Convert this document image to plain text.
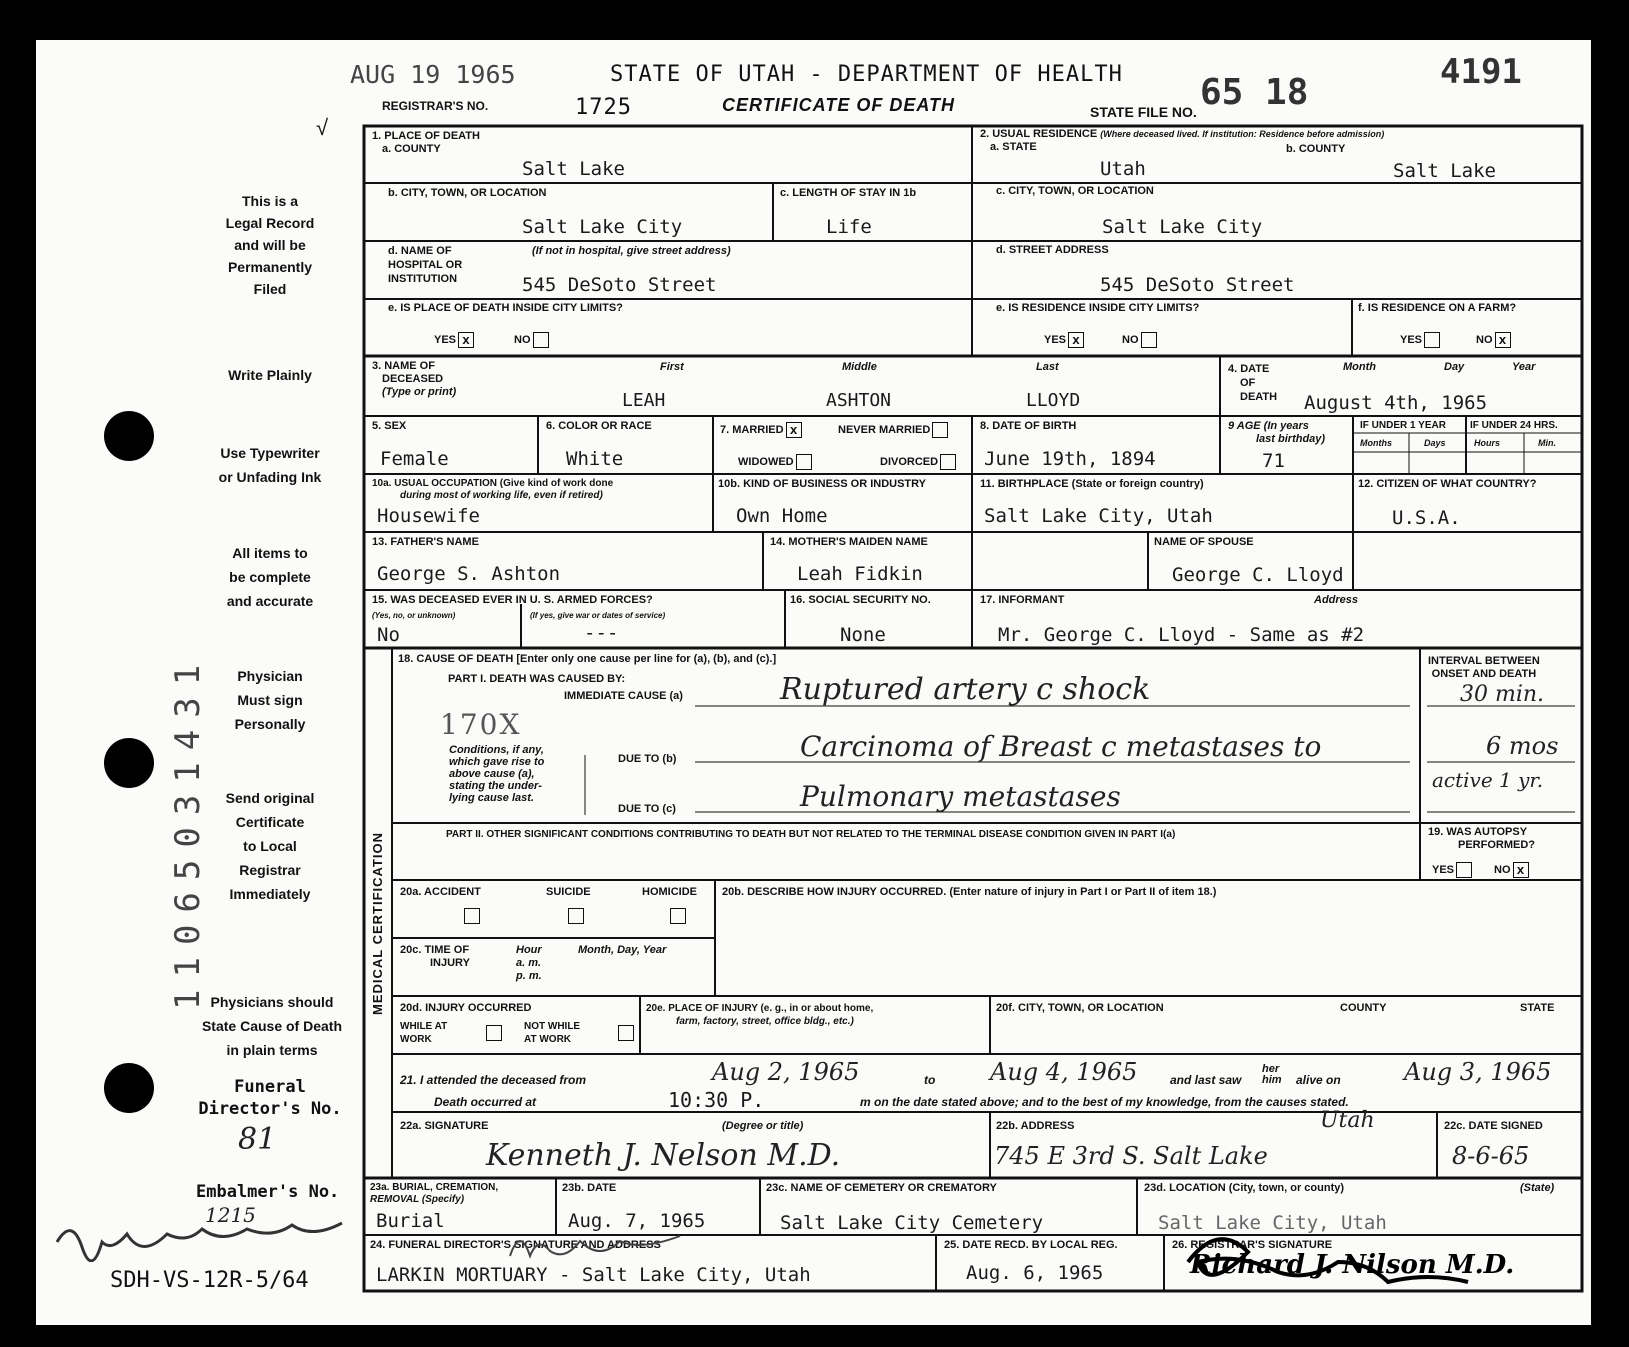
AUG 19 1965	STATE OF UTAH - DEPARTMENT OF HEALTH 65 18	4191
REGISTRAR'S NO.	1725	CERTIFICATE OF DEATH	STATE FILE NO.
√
This is a
Legal Record
and will be
Permanently
Filed
Write Plainly
Use Typewriter
or Unfading Ink
All items to
be complete
and accurate
Physician
Must sign
Personally
Send original
Certificate
to Local
Registrar
Immediately
Physicians should
State Cause of Death
in plain terms
Funeral
Director's No.
81
Embalmer's No.
1215
SDH-VS-12R-5/64
11065031431
1. PLACE OF DEATH
a. COUNTY
Salt Lake
2. USUAL RESIDENCE (Where deceased lived. If institution: Residence before admission)
a. STATE	b. COUNTY
Utah	Salt Lake
b. CITY, TOWN, OR LOCATION
Salt Lake City
c. LENGTH OF STAY IN 1b
Life
c. CITY, TOWN, OR LOCATION
Salt Lake City
d. NAME OF
HOSPITAL OR
INSTITUTION
(If not in hospital, give street address)
545 DeSoto Street
d. STREET ADDRESS
545 DeSoto Street
e. IS PLACE OF DEATH INSIDE CITY LIMITS?
YES x	NO
e. IS RESIDENCE INSIDE CITY LIMITS?
YES x	NO
f. IS RESIDENCE ON A FARM?
YES	NO x
3. NAME OF
DECEASED
(Type or print)
First	Middle	Last
LEAH	ASHTON	LLOYD
4. DATE
OF
DEATH
Month	Day	Year
August 4th, 1965
5. SEX
Female
6. COLOR OR RACE
White
7. MARRIED x	NEVER MARRIED
WIDOWED	DIVORCED
8. DATE OF BIRTH
June 19th, 1894
9 AGE (In years
last birthday)
71
IF UNDER 1 YEAR IF UNDER 24 HRS.
Months	Days	Hours	Min.
10a. USUAL OCCUPATION (Give kind of work done
during most of working life, even if retired)
Housewife
10b. KIND OF BUSINESS OR INDUSTRY
Own Home
11. BIRTHPLACE (State or foreign country)
Salt Lake City, Utah
12. CITIZEN OF WHAT COUNTRY?
U.S.A.
13. FATHER'S NAME
George S. Ashton
14. MOTHER'S MAIDEN NAME
Leah Fidkin
NAME OF SPOUSE
George C. Lloyd
15. WAS DECEASED EVER IN U. S. ARMED FORCES?
(Yes, no, or unknown)	(If yes, give war or dates of service)
No	---
16. SOCIAL SECURITY NO.
None
17. INFORMANT	Address
Mr. George C. Lloyd - Same as #2
MEDICAL CERTIFICATION
18. CAUSE OF DEATH [Enter only one cause per line for (a), (b), and (c).]
PART I. DEATH WAS CAUSED BY:
IMMEDIATE CAUSE (a)	Ruptured artery c shock
170X
Conditions, if any,
which gave rise to
above cause (a),
stating the under-
lying cause last.
DUE TO (b)	Carcinoma of Breast c metastases to
DUE TO (c)	Pulmonary metastases
INTERVAL BETWEEN
ONSET AND DEATH
30 min.
6 mos
active 1 yr.
PART II. OTHER SIGNIFICANT CONDITIONS CONTRIBUTING TO DEATH BUT NOT RELATED TO THE TERMINAL DISEASE CONDITION GIVEN IN PART I(a)	19. WAS AUTOPSY
PERFORMED?
YES	NO x
20a. ACCIDENT	SUICIDE	HOMICIDE 20b. DESCRIBE HOW INJURY OCCURRED. (Enter nature of injury in Part I or Part II of item 18.)
20c. TIME OF
INJURY
Hour
a. m.
p. m.
Month, Day, Year
20d. INJURY OCCURRED
WHILE AT
WORK
NOT WHILE
AT WORK
20e. PLACE OF INJURY (e. g., in or about home,
farm, factory, street, office bldg., etc.)
20f. CITY, TOWN, OR LOCATION	COUNTY	STATE
21. I attended the deceased from	Aug 2, 1965	to Aug 4, 1965	and last saw
her
him alive on	Aug 3, 1965
Death occurred at	10:30 P.	m on the date stated above; and to the best of my knowledge, from the causes stated.
22a. SIGNATURE	(Degree or title)
Kenneth J. Nelson M.D.
22b. ADDRESS	Utah
745 E 3rd S. Salt Lake
22c. DATE SIGNED
8-6-65
23a. BURIAL, CREMATION,
REMOVAL (Specify)
Burial
23b. DATE
Aug. 7, 1965
23c. NAME OF CEMETERY OR CREMATORY
Salt Lake City Cemetery
23d. LOCATION (City, town, or county)	(State)
Salt Lake City, Utah
24. FUNERAL DIRECTOR'S SIGNATURE AND ADDRESS
LARKIN MORTUARY - Salt Lake City, Utah
25. DATE RECD. BY LOCAL REG.
Aug. 6, 1965
26. REGISTRAR'S SIGNATURE
Richard J. Nilson M.D.
